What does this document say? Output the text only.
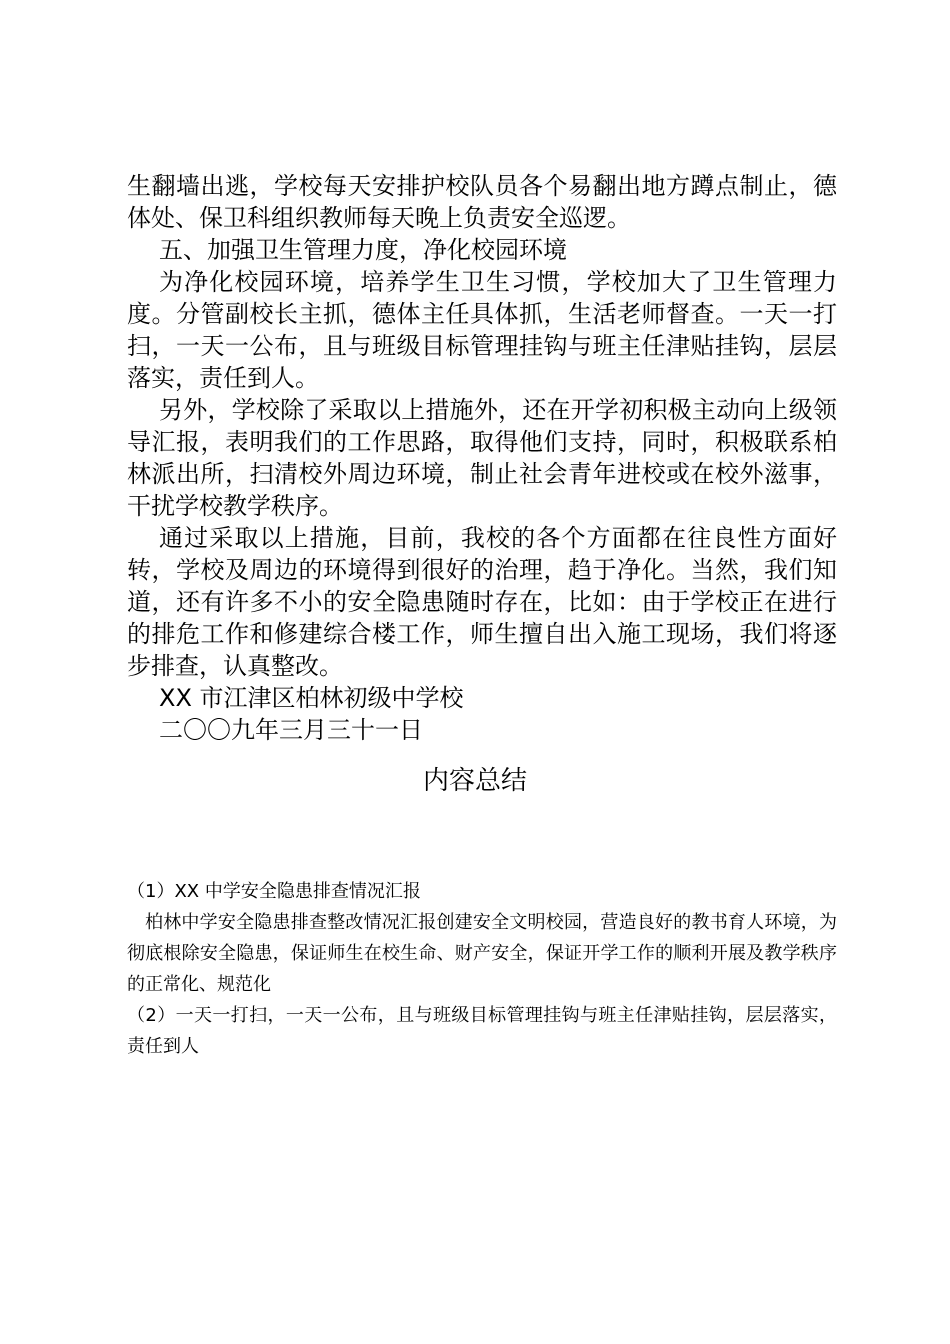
生翻墙出逃，学校每天安排护校队员各个易翻出地方蹲点制止，德体处、保卫科组织教师每天晚上负责安全巡逻。

五、加强卫生管理力度，净化校园环境

为净化校园环境，培养学生卫生习惯，学校加大了卫生管理力度。分管副校长主抓，德体主任具体抓，生活老师督查。一天一打扫，一天一公布，且与班级目标管理挂钩与班主任津贴挂钩，层层落实，责任到人。

另外，学校除了采取以上措施外，还在开学初积极主动向上级领导汇报，表明我们的工作思路，取得他们支持，同时，积极联系柏林派出所，扫清校外周边环境，制止社会青年进校或在校外滋事，干扰学校教学秩序。

通过采取以上措施，目前，我校的各个方面都在往良性方面好转，学校及周边的环境得到很好的治理，趋于净化。当然，我们知道，还有许多不小的安全隐患随时存在，比如：由于学校正在进行的排危工作和修建综合楼工作，师生擅自出入施工现场，我们将逐步排查，认真整改。

XX 市江津区柏林初级中学校

二〇〇九年三月三十一日

内容总结

（1）XX 中学安全隐患排查情况汇报

柏林中学安全隐患排查整改情况汇报创建安全文明校园，营造良好的教书育人环境，为彻底根除安全隐患，保证师生在校生命、财产安全，保证开学工作的顺利开展及教学秩序的正常化、规范化

（2）一天一打扫，一天一公布，且与班级目标管理挂钩与班主任津贴挂钩，层层落实，责任到人
